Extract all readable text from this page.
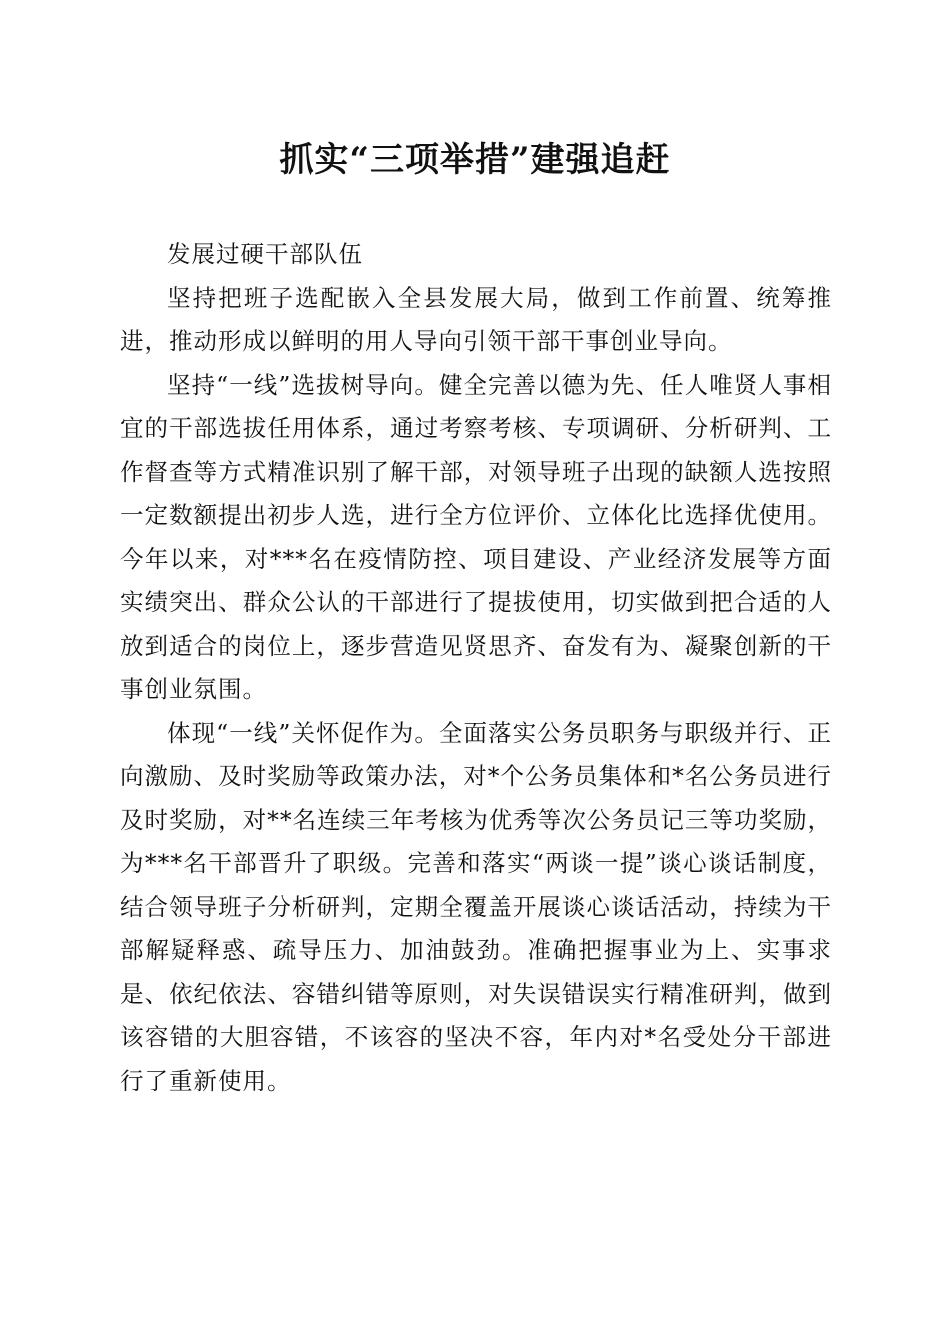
抓实“三项举措”建强追赶

发展过硬干部队伍

坚持把班子选配嵌入全县发展大局，做到工作前置、统筹推进，推动形成以鲜明的用人导向引领干部干事创业导向。

坚持“一线”选拔树导向。健全完善以德为先、任人唯贤人事相宜的干部选拔任用体系，通过考察考核、专项调研、分析研判、工作督查等方式精准识别了解干部，对领导班子出现的缺额人选按照一定数额提出初步人选，进行全方位评价、立体化比选择优使用。今年以来，对***名在疫情防控、项目建设、产业经济发展等方面实绩突出、群众公认的干部进行了提拔使用，切实做到把合适的人放到适合的岗位上，逐步营造见贤思齐、奋发有为、凝聚创新的干事创业氛围。

体现“一线”关怀促作为。全面落实公务员职务与职级并行、正向激励、及时奖励等政策办法，对*个公务员集体和*名公务员进行及时奖励，对**名连续三年考核为优秀等次公务员记三等功奖励，为***名干部晋升了职级。完善和落实“两谈一提”谈心谈话制度，结合领导班子分析研判，定期全覆盖开展谈心谈话活动，持续为干部解疑释惑、疏导压力、加油鼓劲。准确把握事业为上、实事求是、依纪依法、容错纠错等原则，对失误错误实行精准研判，做到该容错的大胆容错，不该容的坚决不容，年内对*名受处分干部进行了重新使用。
